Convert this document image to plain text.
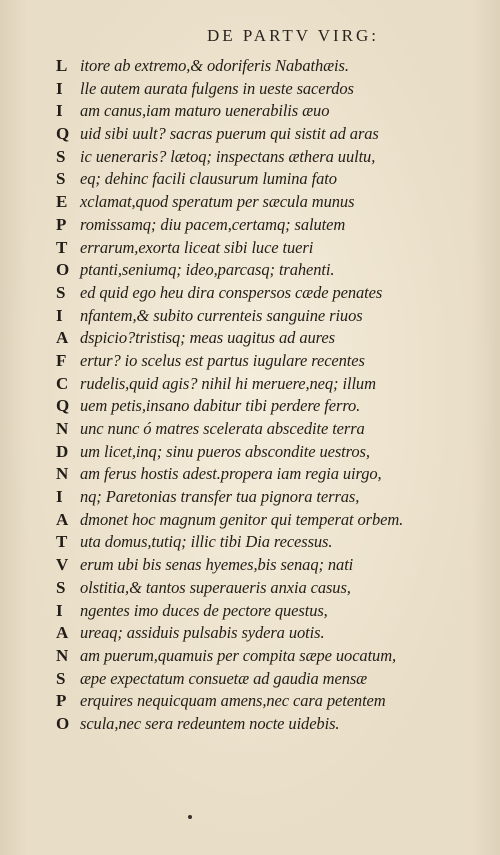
DE PARTV VIRG:
L itore ab extremo,& odoriferis Nabathæis.
I	lle autem aurata fulgens in ueste sacerdos
I	am canus,iam maturo uenerabilis æuo
Q uid sibi uult? sacras puerum qui sistit ad aras
S ic ueneraris? lætoq; inspectans æthera uultu,
S eq; dehinc facili clausurum lumina fato
E xclamat,quod speratum per sæcula munus
P romissamq; diu pacem,certamq; salutem
T errarum,exorta liceat sibi luce tueri
O ptanti,seniumq; ideo,parcasq; trahenti.
S ed quid ego heu dira conspersos cæde penates
I	nfantem,& subito currenteis sanguine riuos
A dspicio?tristisq; meas uagitus ad aures
F ertur? io scelus est partus iugulare recentes
C rudelis,quid agis? nihil hi meruere,neq; illum
Q uem petis,insano dabitur tibi perdere ferro.
N unc nunc ó matres scelerata abscedite terra
D um licet,inq; sinu pueros abscondite uestros,
N am ferus hostis adest.propera iam regia uirgo,
I	nq; Paretonias transfer tua pignora terras,
A dmonet hoc magnum genitor qui temperat orbem.
T uta domus,tutiq; illic tibi Dia recessus.
V erum ubi bis senas hyemes,bis senaq; nati
S olstitia,& tantos superaueris anxia casus,
I	ngentes imo duces de pectore questus,
A ureaq; assiduis pulsabis sydera uotis.
N am puerum,quamuis per compita sæpe uocatum,
S æpe expectatum consuetæ ad gaudia mensæ
P erquires nequicquam amens,nec cara petentem
O scula,nec sera redeuntem nocte uidebis.
